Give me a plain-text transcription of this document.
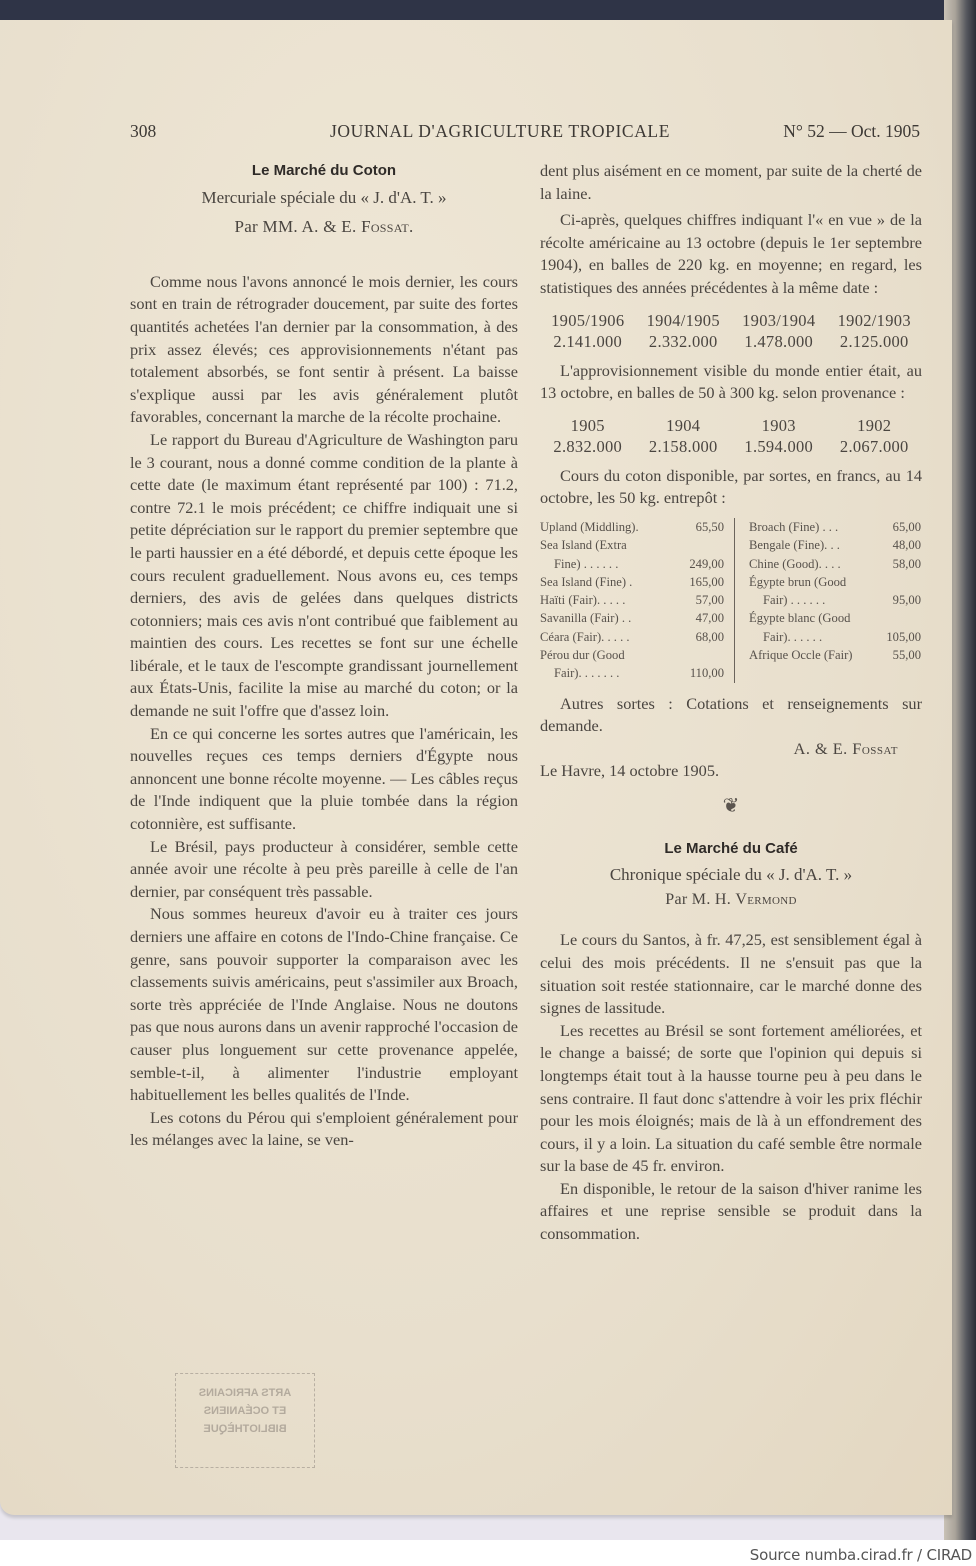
308	JOURNAL D'AGRICULTURE TROPICALE	N° 52 — Oct. 1905
Le Marché du Coton
Mercuriale spéciale du « J. d'A. T. »
Par MM. A. & E. Fossat.

Comme nous l'avons annoncé le mois dernier, les cours sont en train de rétrograder doucement, par suite des fortes quantités achetées l'an dernier par la consommation, à des prix assez élevés; ces approvisionnements n'étant pas totalement absorbés, se font sentir à présent. La baisse s'explique aussi par les avis généralement plutôt favorables, concernant la marche de la récolte prochaine.

Le rapport du Bureau d'Agriculture de Washington paru le 3 courant, nous a donné comme condition de la plante à cette date (le maximum étant représenté par 100) : 71.2, contre 72.1 le mois précédent; ce chiffre indiquait une si petite dépréciation sur le rapport du premier septembre que le parti haussier en a été débordé, et depuis cette époque les cours reculent graduellement. Nous avons eu, ces temps derniers, des avis de gelées dans quelques districts cotonniers; mais ces avis n'ont contribué que faiblement au maintien des cours. Les recettes se font sur une échelle libérale, et le taux de l'escompte grandissant journellement aux États-Unis, facilite la mise au marché du coton; or la demande ne suit l'offre que d'assez loin.

En ce qui concerne les sortes autres que l'américain, les nouvelles reçues ces temps derniers d'Égypte nous annoncent une bonne récolte moyenne. — Les câbles reçus de l'Inde indiquent que la pluie tombée dans la région cotonnière, est suffisante.

Le Brésil, pays producteur à considérer, semble cette année avoir une récolte à peu près pareille à celle de l'an dernier, par conséquent très passable.

Nous sommes heureux d'avoir eu à traiter ces jours derniers une affaire en cotons de l'Indo-Chine française. Ce genre, sans pouvoir supporter la comparaison avec les classements suivis américains, peut s'assimiler aux Broach, sorte très appréciée de l'Inde Anglaise. Nous ne doutons pas que nous aurons dans un avenir rapproché l'occasion de causer plus longuement sur cette provenance appelée, semble-t-il, à alimenter l'industrie employant habituellement les belles qualités de l'Inde.

Les cotons du Pérou qui s'emploient généralement pour les mélanges avec la laine, se ven-

dent plus aisément en ce moment, par suite de la cherté de la laine.

Ci-après, quelques chiffres indiquant l'« en vue » de la récolte américaine au 13 octobre (depuis le 1er septembre 1904), en balles de 220 kg. en moyenne; en regard, les statistiques des années précédentes à la même date :

1905/1906	1904/1905	1903/1904	1902/1903
2.141.000	2.332.000	1.478.000	2.125.000

L'approvisionnement visible du monde entier était, au 13 octobre, en balles de 50 à 300 kg. selon provenance :

1905	1904	1903	1902
2.832.000	2.158.000	1.594.000	2.067.000

Cours du coton disponible, par sortes, en francs, au 14 octobre, les 50 kg. entrepôt :

Upland (Middling).	65,50
Sea Island (Extra
Fine) . . . . . .	249,00
Sea Island (Fine) .	165,00
Haïti (Fair). . . . .	57,00
Savanilla (Fair) . .	47,00
Céara (Fair). . . . .	68,00
Pérou dur (Good
Fair). . . . . . .	110,00
Broach (Fine) . . .	65,00
Bengale (Fine). . .	48,00
Chine (Good). . . .	58,00
Égypte brun (Good
Fair) . . . . . .	95,00
Égypte blanc (Good
Fair). . . . . .	105,00
Afrique Occle (Fair)	55,00

Autres sortes : Cotations et renseignements sur demande.

A. & E. Fossat
Le Havre, 14 octobre 1905.
❦
Le Marché du Café
Chronique spéciale du « J. d'A. T. »
Par M. H. Vermond

Le cours du Santos, à fr. 47,25, est sensiblement égal à celui des mois précédents. Il ne s'ensuit pas que la situation soit restée stationnaire, car le marché donne des signes de lassitude.

Les recettes au Brésil se sont fortement améliorées, et le change a baissé; de sorte que l'opinion qui depuis si longtemps était tout à la hausse tourne peu à peu dans le sens contraire. Il faut donc s'attendre à voir les prix fléchir pour les mois éloignés; mais de là à un effondrement des cours, il y a loin. La situation du café semble être normale sur la base de 45 fr. environ.

En disponible, le retour de la saison d'hiver ranime les affaires et une reprise sensible se produit dans la consommation.

ARTS AFRICAINS
ET OCÉANIENS
BIBLIOTHÈQUE
Source numba.cirad.fr / CIRAD
